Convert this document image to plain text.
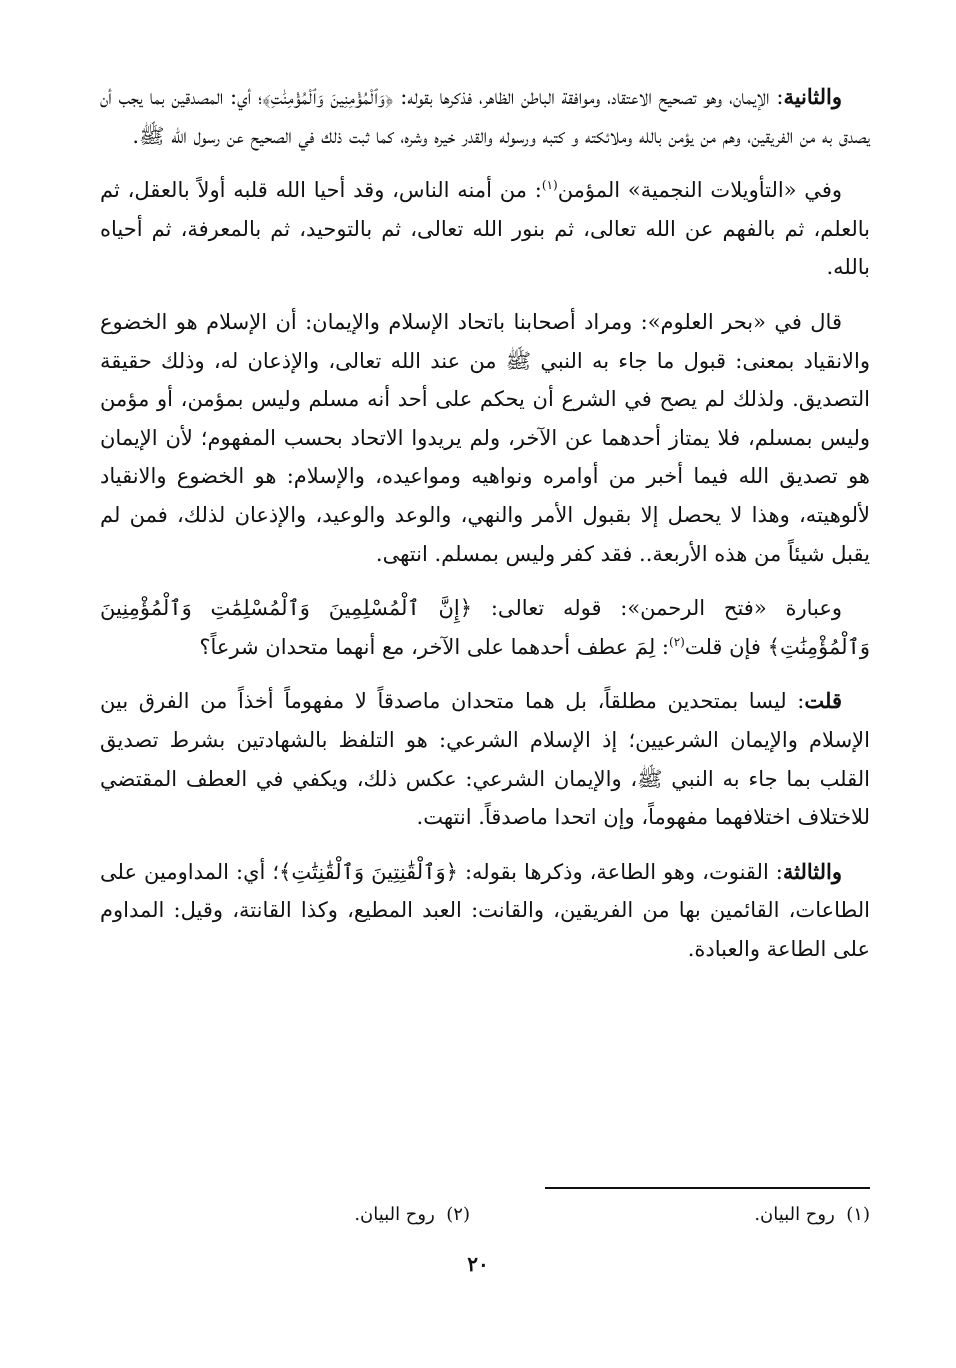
والثانية: الإيمان، وهو تصحيح الاعتقاد، وموافقة الباطن الظاهر، فذكرها بقوله: ﴿وَٱلْمُؤْمِنِينَ وَٱلْمُؤْمِنَٰتِ﴾؛ أي: المصدقين بما يجب أن يصدق به من الفريقين، وهم من يؤمن بالله وملائكته و كتبه ورسوله والقدر خيره وشره، كما ثبت ذلك في الصحيح عن رسول الله ﷺ.

وفي «التأويلات النجمية» المؤمن$^{(١)}$: من أمنه الناس، وقد أحيا الله قلبه أولاً بالعقل، ثم بالعلم، ثم بالفهم عن الله تعالى، ثم بنور الله تعالى، ثم بالتوحيد، ثم بالمعرفة، ثم أحياه بالله.

قال في «بحر العلوم»: ومراد أصحابنا باتحاد الإسلام والإيمان: أن الإسلام هو الخضوع والانقياد بمعنى: قبول ما جاء به النبي ﷺ من عند الله تعالى، والإذعان له، وذلك حقيقة التصديق. ولذلك لم يصح في الشرع أن يحكم على أحد أنه مسلم وليس بمؤمن، أو مؤمن وليس بمسلم، فلا يمتاز أحدهما عن الآخر، ولم يريدوا الاتحاد بحسب المفهوم؛ لأن الإيمان هو تصديق الله فيما أخبر من أوامره ونواهيه ومواعيده، والإسلام: هو الخضوع والانقياد لألوهيته، وهذا لا يحصل إلا بقبول الأمر والنهي، والوعد والوعيد، والإذعان لذلك، فمن لم يقبل شيئاً من هذه الأربعة.. فقد كفر وليس بمسلم. انتهى.

وعبارة «فتح الرحمن»: قوله تعالى: ﴿إِنَّ ٱلْمُسْلِمِينَ وَٱلْمُسْلِمَٰتِ وَٱلْمُؤْمِنِينَ وَٱلْمُؤْمِنَٰتِ﴾ فإن قلت$^{(٢)}$: لِمَ عطف أحدهما على الآخر، مع أنهما متحدان شرعاً؟

قلت: ليسا بمتحدين مطلقاً، بل هما متحدان ماصدقاً لا مفهوماً أخذاً من الفرق بين الإسلام والإيمان الشرعيين؛ إذ الإسلام الشرعي: هو التلفظ بالشهادتين بشرط تصديق القلب بما جاء به النبي ﷺ، والإيمان الشرعي: عكس ذلك، ويكفي في العطف المقتضي للاختلاف اختلافهما مفهوماً، وإن اتحدا ماصدقاً. انتهت.

والثالثة: القنوت، وهو الطاعة، وذكرها بقوله: ﴿وَٱلْقَٰنِتِينَ وَٱلْقَٰنِتَٰتِ﴾؛ أي: المداومين على الطاعات، القائمين بها من الفريقين، والقانت: العبد المطيع، وكذا القانتة، وقيل: المداوم على الطاعة والعبادة.

(١)  روح البيان.
(٢)  روح البيان.
٢٠
